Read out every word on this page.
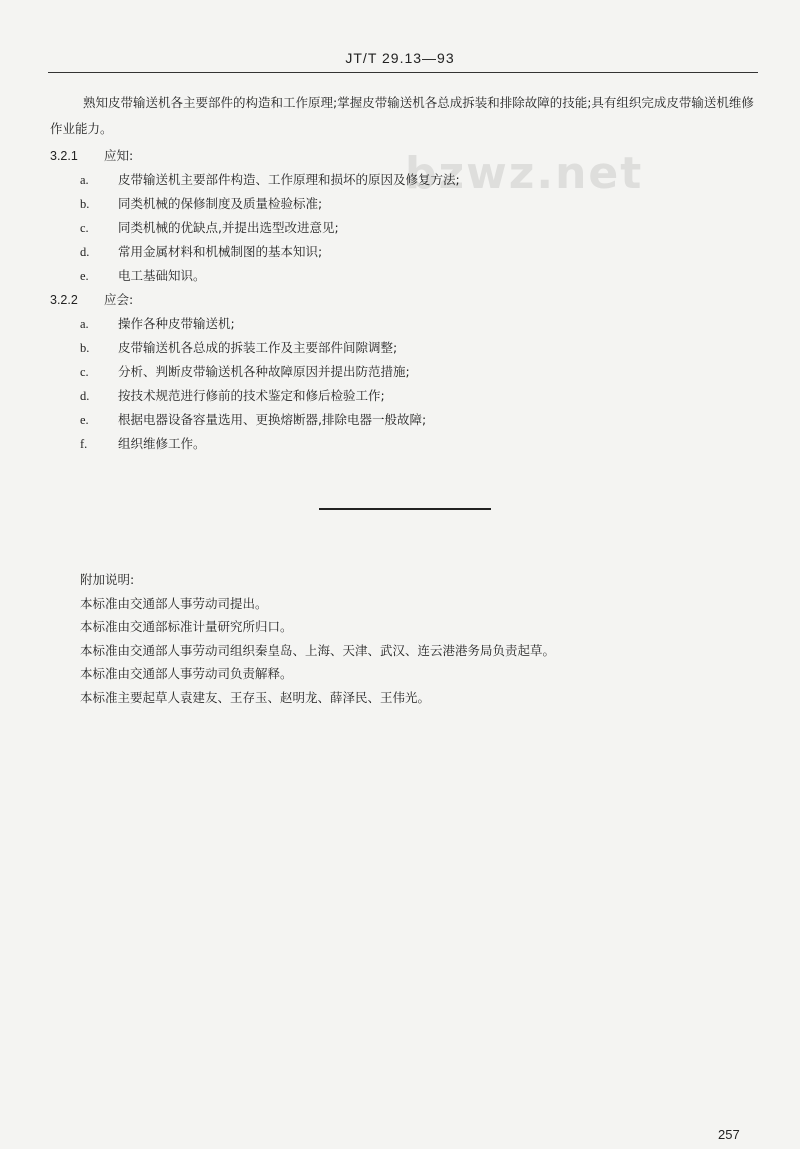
JT/T 29.13—93
熟知皮带输送机各主要部件的构造和工作原理;掌握皮带输送机各总成拆装和排除故障的技能;具有组织完成皮带输送机维修作业能力。
bzwz.net
3.2.1 应知:
a. 皮带输送机主要部件构造、工作原理和损坏的原因及修复方法;
b. 同类机械的保修制度及质量检验标准;
c. 同类机械的优缺点,并提出选型改进意见;
d. 常用金属材料和机械制图的基本知识;
e. 电工基础知识。
3.2.2 应会:
a. 操作各种皮带输送机;
b. 皮带输送机各总成的拆装工作及主要部件间隙调整;
c. 分析、判断皮带输送机各种故障原因并提出防范措施;
d. 按技术规范进行修前的技术鉴定和修后检验工作;
e. 根据电器设备容量选用、更换熔断器,排除电器一般故障;
f. 组织维修工作。
附加说明:
本标准由交通部人事劳动司提出。
本标准由交通部标准计量研究所归口。
本标准由交通部人事劳动司组织秦皇岛、上海、天津、武汉、连云港港务局负责起草。
本标准由交通部人事劳动司负责解释。
本标准主要起草人袁建友、王存玉、赵明龙、薛泽民、王伟光。
257
